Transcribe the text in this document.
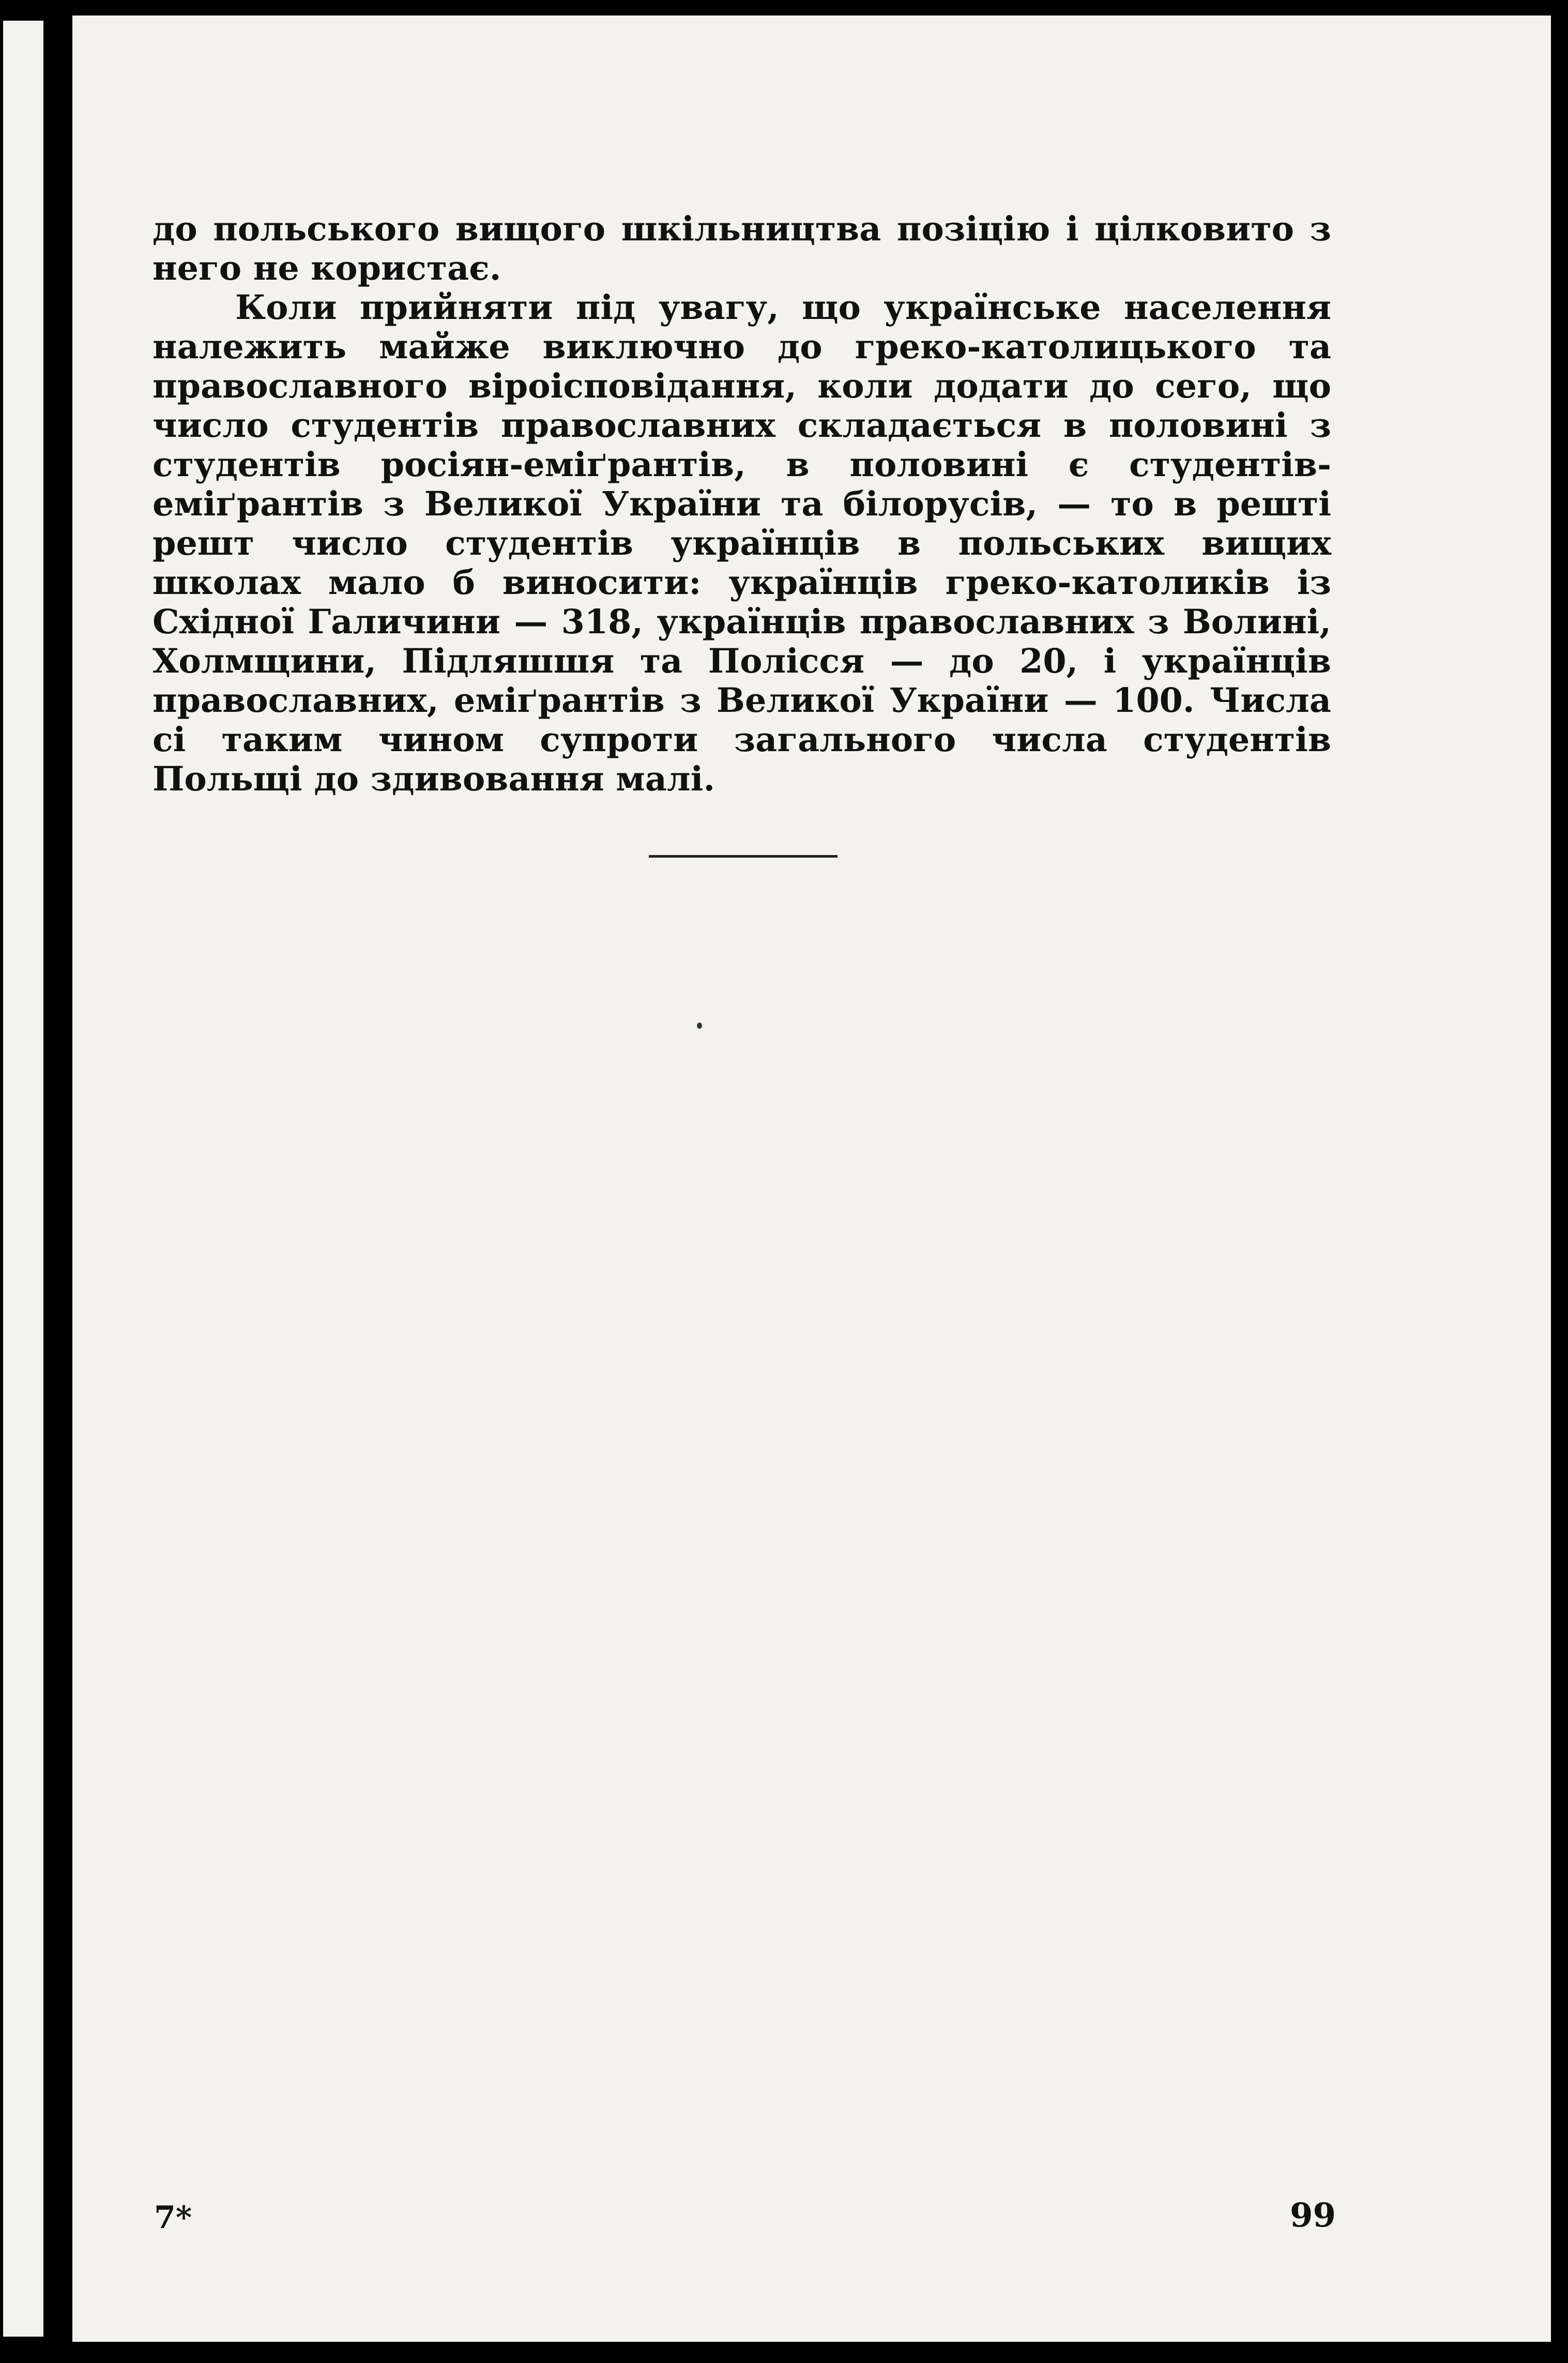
до польського вищого шкільництва позіцію і цілковито з него не користає.

Коли прийняти під увагу, що українське населення належить майже виключно до греко-католицького та православного віроісповідання, коли додати до сего, що число студентів православних складається в половині з студентів росіян-еміґрантів, в половині є студентів-еміґрантів з Великої України та білорусів, — то в решті решт число студентів українців в польських вищих школах мало б виносити: українців греко-католиків із Східної Галичини — 318, українців православних з Волині, Холмщини, Підляшшя та Полісся — до 20, і українців православних, еміґрантів з Великої України — 100. Числа сі таким чином супроти загального числа студентів Польщі до здивовання малі.

7*	99
